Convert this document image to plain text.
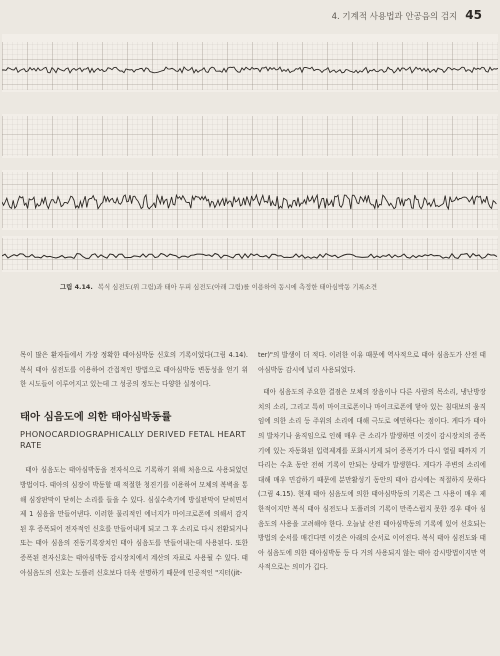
4. 기계적 사용법과 안공음의 검지 45
그림 4.14. 복식 심전도(위 그림)과 태아 두피 심전도(아래 그림)를 이용하여 동시에 측정한 태아심박동 기록소견

목이 많은 환자들에서 가장 정확한 태아심박동 신호의 기록이었다(그림 4.14). 복식 태아 심전도를 이용하여 간접적인 방법으로 태아심박동 변동성을 얻기 위한 시도들이 이루어지고 있는데 그 성공의 정도는 다양한 실정이다.

태아 심음도에 의한 태아심박동률
PHONOCARDIOGRAPHICALLY DERIVED FETAL HEART RATE

태아 심음도는 태아심박동을 전자식으로 기록하기 위해 처음으로 사용되었던 방법이다. 태아의 심장이 박동할 때 적절한 청진기를 이용하여 모체의 복벽을 통해 심장판막이 닫히는 소리를 들을 수 있다. 심실수축기에 방실판막이 닫히면서 제 1 심음을 만들어낸다. 이러한 물리적인 에너지가 마이크로폰에 의해서 감지된 후 증폭되어 전자적인 신호를 만들어내게 되고 그 후 소리로 다시 전환되거나 또는 태아 심음의 진동기록장치인 태아 심음도를 만들어내는데 사용된다. 또한 증폭된 전자신호는 태아심박동 감시장치에서 계산의 자료로 사용될 수 있다. 태아심음도의 신호는 도플러 신호보다 더욱 선명하기 때문에 인공적인 "지터(jit-

ter)"의 발생이 더 적다. 이러한 이유 때문에 역사적으로 태아 심음도가 산전 태아심박동 감시에 널리 사용되었다.

태아 심음도의 주요한 결점은 모체의 장음이나 다른 사람의 목소리, 냉난방장치의 소리, 그리고 특히 마이크로폰이나 마이크로폰에 닿아 있는 침대보의 움직임에 의한 소리 등 주위의 소리에 대해 극도로 예민하다는 점이다. 게다가 태아의 발차기나 움직임으로 인해 매우 큰 소리가 발생하면 이것이 감시장치의 증폭기에 있는 자동화된 입력제계를 포화시키게 되어 증폭기가 다시 열릴 때까지 기다리는 수초 동안 전혀 기록이 안되는 상태가 발생한다. 게다가 주변의 소리에 대해 매우 민감하기 때문에 분만활성기 동안의 태아 감시에는 적절하지 못하다(그림 4.15). 현재 태아 심음도에 의한 태아심박동의 기록은 그 사용이 매우 제한적이지만 복식 태아 심전도나 도플러의 기록이 만족스럽지 못한 경우 태아 심음도의 사용을 고려해야 한다. 오늘날 산전 태아심박동의 기록에 있어 선호되는 방법의 순서를 매긴다면 이것은 아래의 순서로 이어진다. 복식 태아 심전도와 태아 심음도에 의한 태아심박동 등 다 거의 사용되지 않는 태아 감시방법이지만 역사적으로는 의미가 깁다.
